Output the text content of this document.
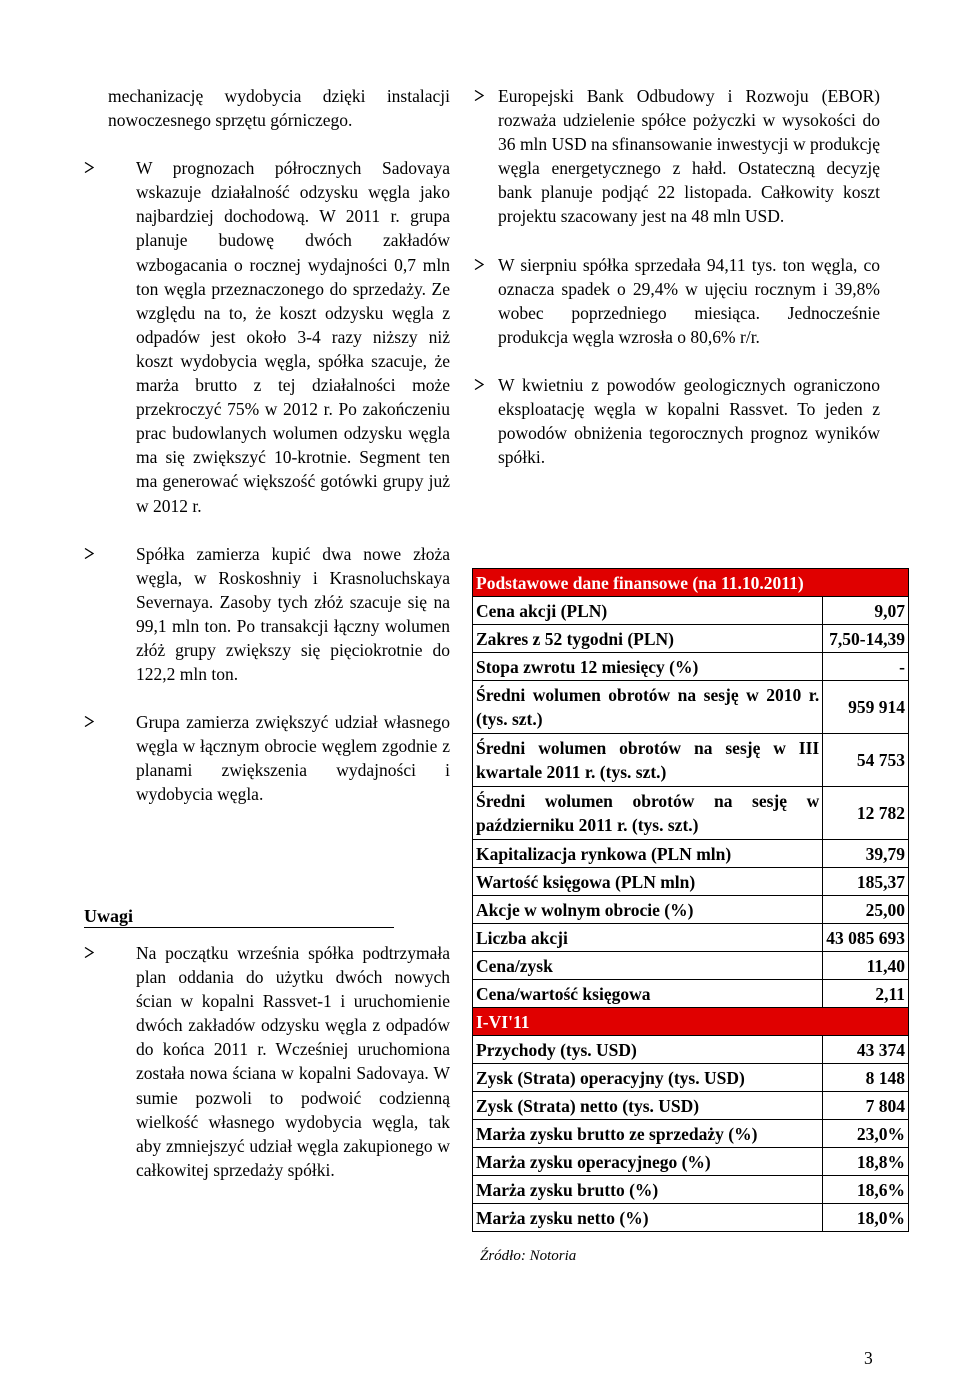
mechanizację wydobycia dzięki instalacji nowoczesnego sprzętu górniczego.

W prognozach półrocznych Sadovaya wskazuje działalność odzysku węgla jako najbardziej dochodową. W 2011 r. grupa planuje budowę dwóch zakładów wzbogacania o rocznej wydajności 0,7 mln ton węgla przeznaczonego do sprzedaży. Ze względu na to, że koszt odzysku węgla z odpadów jest około 3-4 razy niższy niż koszt wydobycia węgla, spółka szacuje, że marża brutto z tej działalności może przekroczyć 75% w 2012 r. Po zakończeniu prac budowlanych wolumen odzysku węgla ma się zwiększyć 10-krotnie. Segment ten ma generować większość gotówki grupy już w 2012 r.
Spółka zamierza kupić dwa nowe złoża węgla, w Roskoshniy i Krasnoluchskaya Severnaya. Zasoby tych złóż szacuje się na 99,1 mln ton. Po transakcji łączny wolumen złóż grupy zwiększy się pięciokrotnie do 122,2 mln ton.
Grupa zamierza zwiększyć udział własnego węgla w łącznym obrocie węglem zgodnie z planami zwiększenia wydajności i wydobycia węgla.
Uwagi
Na początku września spółka podtrzymała plan oddania do użytku dwóch nowych ścian w kopalni Rassvet-1 i uruchomienie dwóch zakładów odzysku węgla z odpadów do końca 2011 r. Wcześniej uruchomiona została nowa ściana w kopalni Sadovaya. W sumie pozwoli to podwoić codzienną wielkość własnego wydobycia węgla, tak aby zmniejszyć udział węgla zakupionego w całkowitej sprzedaży spółki.
Europejski Bank Odbudowy i Rozwoju (EBOR) rozważa udzielenie spółce pożyczki w wysokości do 36 mln USD na sfinansowanie inwestycji w produkcję węgla energetycznego z hałd. Ostateczną decyzję bank planuje podjąć 22 listopada. Całkowity koszt projektu szacowany jest na 48 mln USD.
W sierpniu spółka sprzedała 94,11 tys. ton węgla, co oznacza spadek o 29,4% w ujęciu rocznym i 39,8% wobec poprzedniego miesiąca. Jednocześnie produkcja węgla wzrosła o 80,6% r/r.
W kwietniu z powodów geologicznych ograniczono eksploatację węgla w kopalni Rassvet. To jeden z powodów obniżenia tegorocznych prognoz wyników spółki.
Podstawowe dane finansowe (na 11.10.2011)	
Cena akcji (PLN)	9,07
Zakres z 52 tygodni (PLN)	7,50-14,39
Stopa zwrotu 12 miesięcy (%)	-
Średni wolumen obrotów na sesję w 2010 r. (tys. szt.)	959 914
Średni wolumen obrotów na sesję w III kwartale 2011 r. (tys. szt.)	54 753
Średni wolumen obrotów na sesję w październiku 2011 r. (tys. szt.)	12 782
Kapitalizacja rynkowa (PLN mln)	39,79
Wartość księgowa (PLN mln)	185,37
Akcje w wolnym obrocie (%)	25,00
Liczba akcji	43 085 693
Cena/zysk	11,40
Cena/wartość księgowa	2,11
I-VI'11	
Przychody (tys. USD)	43 374
Zysk (Strata) operacyjny (tys. USD)	8 148
Zysk (Strata) netto (tys. USD)	7 804
Marża zysku brutto ze sprzedaży (%)	23,0%
Marża zysku operacyjnego (%)	18,8%
Marża zysku brutto (%)	18,6%
Marża zysku netto (%)	18,0%
Źródło: Notoria
3
